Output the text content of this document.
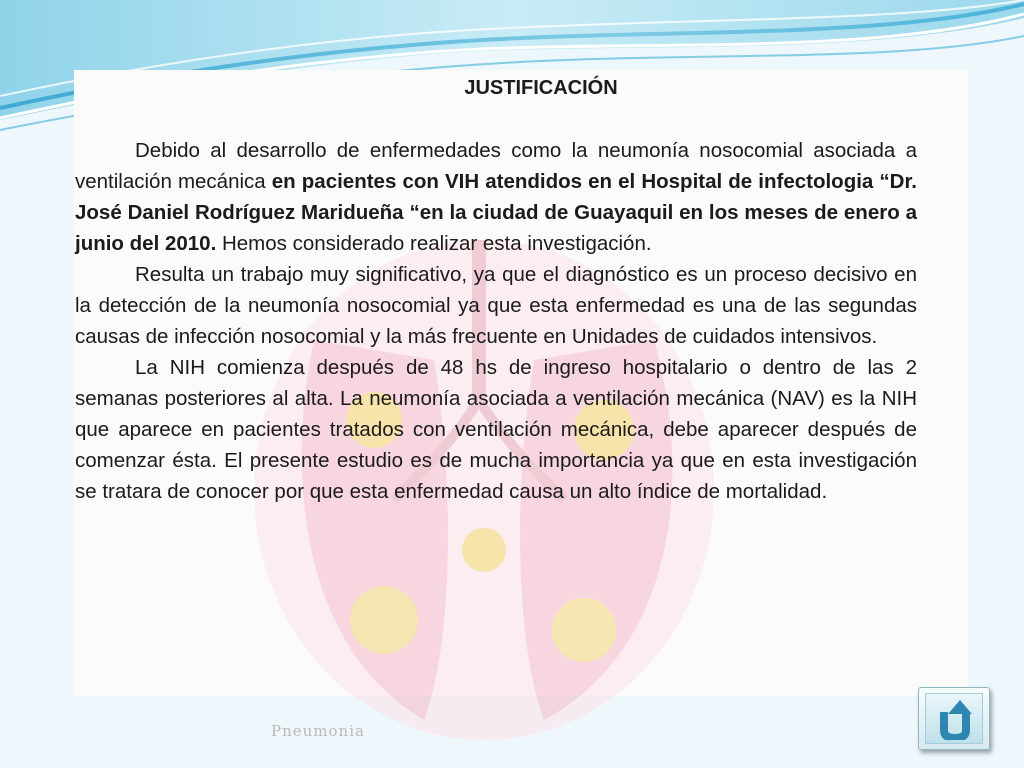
Pneumonia
JUSTIFICACIÓN

Debido al desarrollo de enfermedades como la neumonía nosocomial asociada a ventilación mecánica en pacientes con VIH atendidos en el Hospital de infectologia “Dr. José Daniel Rodríguez Maridueña “en la ciudad de Guayaquil en los meses de enero a junio del 2010. Hemos considerado realizar esta investigación.

Resulta un trabajo muy significativo, ya que el diagnóstico es un proceso decisivo en la detección de la neumonía nosocomial ya que esta enfermedad es una de las segundas causas de infección nosocomial y la más frecuente en Unidades de cuidados intensivos.

La NIH comienza después de 48 hs de ingreso hospitalario o dentro de las 2 semanas posteriores al alta. La neumonía asociada a ventilación mecánica (NAV) es la NIH que aparece en pacientes tratados con ventilación mecánica, debe aparecer después de comenzar ésta. El presente estudio es de mucha importancia ya que en esta investigación se tratara de conocer por que esta enfermedad causa un alto índice de mortalidad.
